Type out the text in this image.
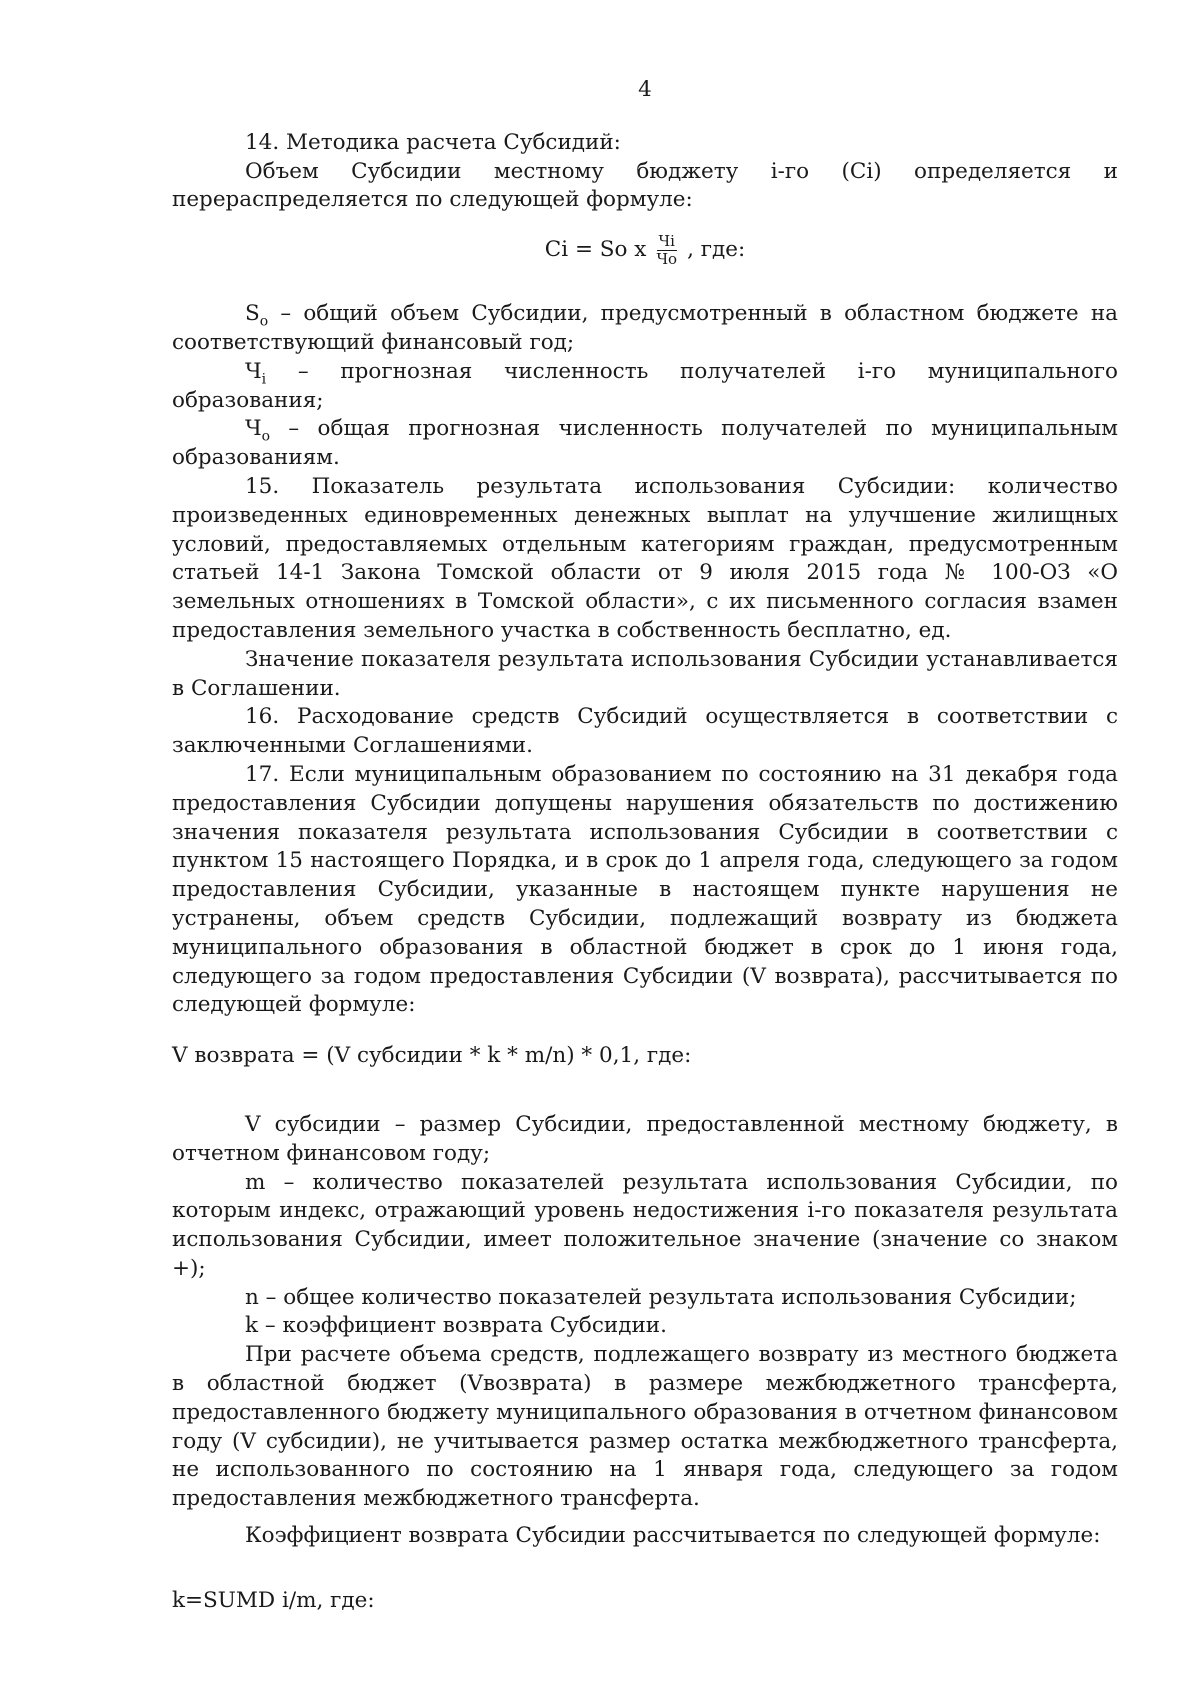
4

14. Методика расчета Субсидий:

Объем Субсидии местному бюджету i-го (Ci) определяется и перераспределяется по следующей формуле:

Ci = So x $\frac{Чi}{Чo}$ , где:

$S_o$ – общий объем Субсидии, предусмотренный в областном бюджете на соответствующий финансовый год;

$Ч_i$ – прогнозная численность получателей i-го муниципального образования;

$Ч_o$ – общая прогнозная численность получателей по муниципальным образованиям.

15. Показатель результата использования Субсидии: количество произведенных единовременных денежных выплат на улучшение жилищных условий, предоставляемых отдельным категориям граждан, предусмотренным статьей 14-1 Закона Томской области от 9 июля 2015 года № 100-ОЗ «О земельных отношениях в Томской области», с их письменного согласия взамен предоставления земельного участка в собственность бесплатно, ед.

Значение показателя результата использования Субсидии устанавливается в Соглашении.

16. Расходование средств Субсидий осуществляется в соответствии с заключенными Соглашениями.

17. Если муниципальным образованием по состоянию на 31 декабря года предоставления Субсидии допущены нарушения обязательств по достижению значения показателя результата использования Субсидии в соответствии с пунктом 15 настоящего Порядка, и в срок до 1 апреля года, следующего за годом предоставления Субсидии, указанные в настоящем пункте нарушения не устранены, объем средств Субсидии, подлежащий возврату из бюджета муниципального образования в областной бюджет в срок до 1 июня года, следующего за годом предоставления Субсидии (V возврата), рассчитывается по следующей формуле:

V возврата = (V субсидии * k * m/n) * 0,1, где:

V субсидии – размер Субсидии, предоставленной местному бюджету, в отчетном финансовом году;

m – количество показателей результата использования Субсидии, по которым индекс, отражающий уровень недостижения i-го показателя результата использования Субсидии, имеет положительное значение (значение со знаком +);

n – общее количество показателей результата использования Субсидии;

k – коэффициент возврата Субсидии.

При расчете объема средств, подлежащего возврату из местного бюджета в областной бюджет (Vвозврата) в размере межбюджетного трансферта, предоставленного бюджету муниципального образования в отчетном финансовом году (V субсидии), не учитывается размер остатка межбюджетного трансферта, не использованного по состоянию на 1 января года, следующего за годом предоставления межбюджетного трансферта.

Коэффициент возврата Субсидии рассчитывается по следующей формуле:

k=SUMD i/m, где:
